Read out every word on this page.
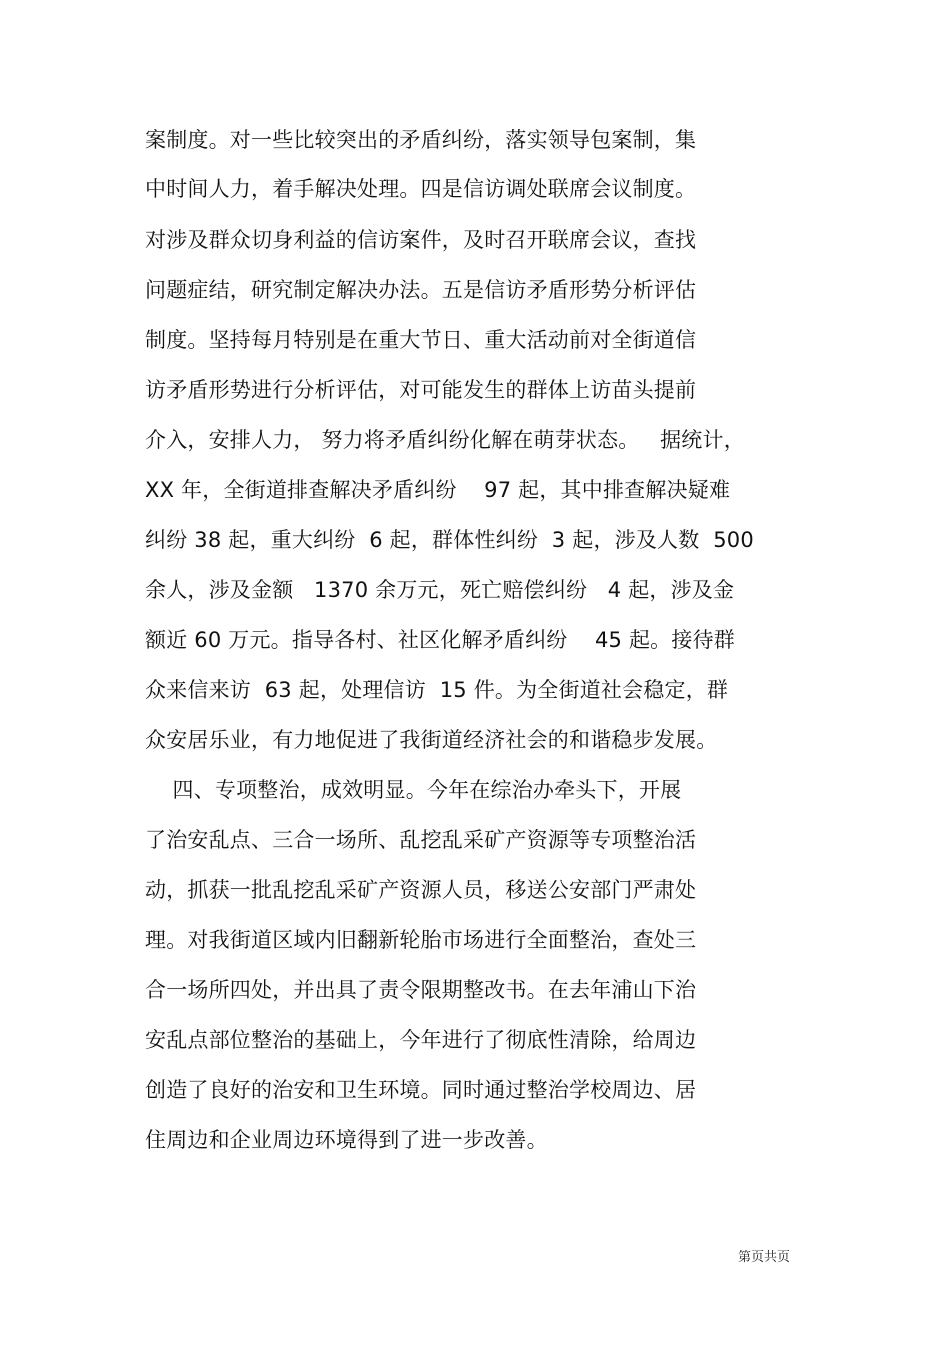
案制度。对一些比较突出的矛盾纠纷，落实领导包案制，集
中时间人力，着手解决处理。四是信访调处联席会议制度。
对涉及群众切身利益的信访案件，及时召开联席会议，查找
问题症结，研究制定解决办法。五是信访矛盾形势分析评估
制度。坚持每月特别是在重大节日、重大活动前对全街道信
访矛盾形势进行分析评估，对可能发生的群体上访苗头提前
介入，安排人力， 努力将矛盾纠纷化解在萌芽状态。   据统计，
XX 年，全街道排查解决矛盾纠纷    97 起，其中排查解决疑难
纠纷 38 起，重大纠纷  6 起，群体性纠纷  3 起，涉及人数  500
余人，涉及金额   1370 余万元，死亡赔偿纠纷   4 起，涉及金
额近 60 万元。指导各村、社区化解矛盾纠纷    45 起。接待群
众来信来访  63 起，处理信访  15 件。为全街道社会稳定，群
众安居乐业，有力地促进了我街道经济社会的和谐稳步发展。
四、专项整治，成效明显。今年在综治办牵头下，开展
了治安乱点、三合一场所、乱挖乱采矿产资源等专项整治活
动，抓获一批乱挖乱采矿产资源人员，移送公安部门严肃处
理。对我街道区域内旧翻新轮胎市场进行全面整治，查处三
合一场所四处，并出具了责令限期整改书。在去年浦山下治
安乱点部位整治的基础上，今年进行了彻底性清除，给周边
创造了良好的治安和卫生环境。同时通过整治学校周边、居
住周边和企业周边环境得到了进一步改善。
第页共页
